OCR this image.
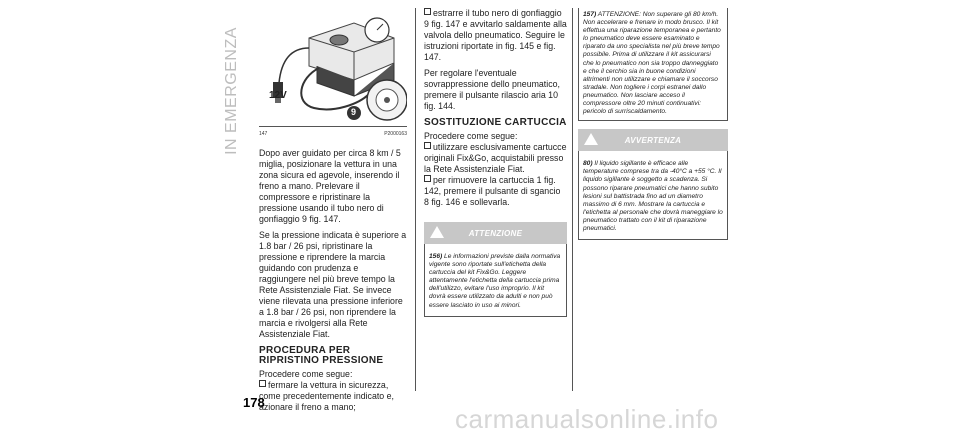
IN EMERGENZA	12V
9
147	P2000163

Dopo aver guidato per circa 8 km / 5 miglia, posizionare la vettura in una zona sicura ed agevole, inserendo il freno a mano. Prelevare il compressore e ripristinare la pressione usando il tubo nero di gonfiaggio 9 fig. 147.

Se la pressione indicata è superiore a 1.8 bar / 26 psi, ripristinare la pressione e riprendere la marcia guidando con prudenza e raggiungere nel più breve tempo la Rete Assistenziale Fiat. Se invece viene rilevata una pressione inferiore a 1.8 bar / 26 psi, non riprendere la marcia e rivolgersi alla Rete Assistenziale Fiat.

PROCEDURA PER RIPRISTINO PRESSIONE

Procedere come segue:

fermare la vettura in sicurezza, come precedentemente indicato e, azionare il freno a mano;

estrarre il tubo nero di gonfiaggio 9 fig. 147 e avvitarlo saldamente alla valvola dello pneumatico. Seguire le istruzioni riportate in fig. 145 e fig. 147.

Per regolare l'eventuale sovrappressione dello pneumatico, premere il pulsante rilascio aria 10 fig. 144.

SOSTITUZIONE CARTUCCIA

Procedere come segue:

utilizzare esclusivamente cartucce originali Fix&Go, acquistabili presso la Rete Assistenziale Fiat.

per rimuovere la cartuccia 1 fig. 142, premere il pulsante di sgancio 8 fig. 146 e sollevarla.

ATTENZIONE
156) Le informazioni previste dalla normativa vigente sono riportate sull'etichetta della cartuccia del kit Fix&Go. Leggere attentamente l'etichetta della cartuccia prima dell'utilizzo, evitare l'uso improprio. Il kit dovrà essere utilizzato da adulti e non può essere lasciato in uso ai minori.
157) ATTENZIONE: Non superare gli 80 km/h. Non accelerare e frenare in modo brusco. Il kit effettua una riparazione temporanea e pertanto lo pneumatico deve essere esaminato e riparato da uno specialista nel più breve tempo possibile. Prima di utilizzare il kit assicurarsi che lo pneumatico non sia troppo danneggiato e che il cerchio sia in buone condizioni altrimenti non utilizzare e chiamare il soccorso stradale. Non togliere i corpi estranei dallo pneumatico. Non lasciare acceso il compressore oltre 20 minuti continuativi: pericolo di surriscaldamento.
AVVERTENZA
80) Il liquido sigillante è efficace alle temperature comprese tra da -40°C a +55 °C. Il liquido sigillante è soggetto a scadenza. Si possono riparare pneumatici che hanno subito lesioni sul battistrada fino ad un diametro massimo di 6 mm. Mostrare la cartuccia e l'etichetta al personale che dovrà maneggiare lo pneumatico trattato con il kit di riparazione pneumatici.
178
carmanualsonline.info
